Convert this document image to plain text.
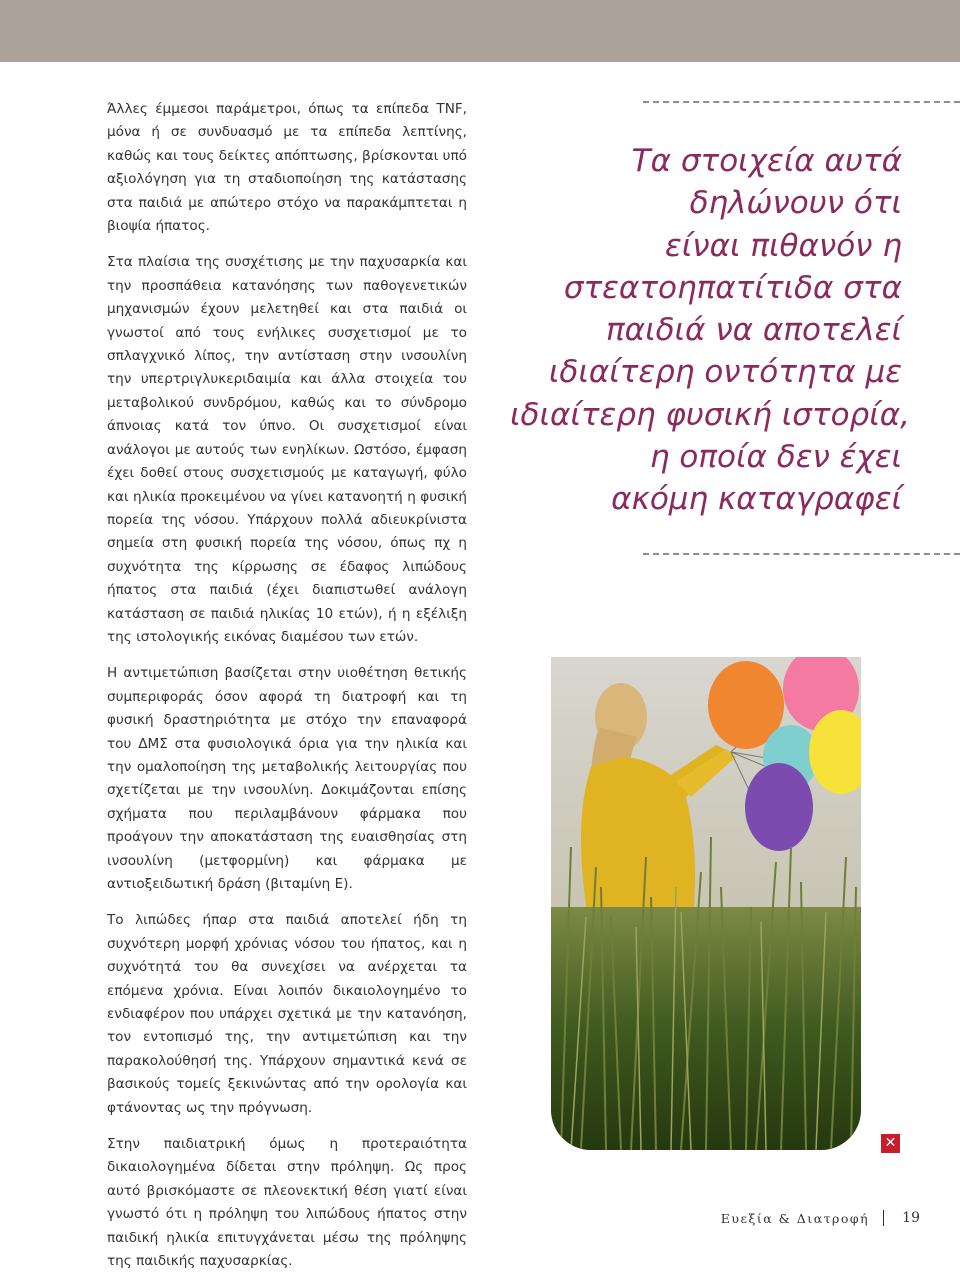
Άλλες έμμεσοι παράμετροι, όπως τα επίπεδα TNF, μόνα ή σε συνδυασμό με τα επίπεδα λεπτίνης, καθώς και τους δείκτες απόπτωσης, βρίσκονται υπό αξιολόγηση για τη σταδιοποίηση της κατάστασης στα παιδιά με απώτερο στόχο να παρακάμπτεται η βιοψία ήπατος.

Στα πλαίσια της συσχέτισης με την παχυσαρκία και την προσπάθεια κατανόησης των παθογενετικών μηχανισμών έχουν μελετηθεί και στα παιδιά οι γνωστοί από τους ενήλικες συσχετισμοί με το σπλαγχνικό λίπος, την αντίσταση στην ινσουλίνη την υπερτριγλυκεριδαιμία και άλλα στοιχεία του μεταβολικού συνδρόμου, καθώς και το σύνδρομο άπνοιας κατά τον ύπνο. Οι συσχετισμοί είναι ανάλογοι με αυτούς των ενηλίκων. Ωστόσο, έμφαση έχει δοθεί στους συσχετισμούς με καταγωγή, φύλο και ηλικία προκειμένου να γίνει κατανοητή η φυσική πορεία της νόσου. Υπάρχουν πολλά αδιευκρίνιστα σημεία στη φυσική πορεία της νόσου, όπως πχ η συχνότητα της κίρρωσης σε έδαφος λιπώδους ήπατος στα παιδιά (έχει διαπιστωθεί ανάλογη κατάσταση σε παιδιά ηλικίας 10 ετών), ή η εξέλιξη της ιστολογικής εικόνας διαμέσου των ετών.

Η αντιμετώπιση βασίζεται στην υιοθέτηση θετικής συμπεριφοράς όσον αφορά τη διατροφή και τη φυσική δραστηριότητα με στόχο την επαναφορά του ΔΜΣ στα φυσιολογικά όρια για την ηλικία και την ομαλοποίηση της μεταβολικής λειτουργίας που σχετίζεται με την ινσουλίνη. Δοκιμάζονται επίσης σχήματα που περιλαμβάνουν φάρμακα που προάγουν την αποκατάσταση της ευαισθησίας στη ινσουλίνη (μετφορμίνη) και φάρμακα με αντιοξειδωτική δράση (βιταμίνη Ε).

Το λιπώδες ήπαρ στα παιδιά αποτελεί ήδη τη συχνότερη μορφή χρόνιας νόσου του ήπατος, και η συχνότητά του θα συνεχίσει να ανέρχεται τα επόμενα χρόνια. Είναι λοιπόν δικαιολογημένο το ενδιαφέρον που υπάρχει σχετικά με την κατανόηση, τον εντοπισμό της, την αντιμετώπιση και την παρακολούθησή της. Υπάρχουν σημαντικά κενά σε βασικούς τομείς ξεκινώντας από την ορολογία και φτάνοντας ως την πρόγνωση.

Στην παιδιατρική όμως η προτεραιότητα δικαιολογημένα δίδεται στην πρόληψη. Ως προς αυτό βρισκόμαστε σε πλεονεκτική θέση γιατί είναι γνωστό ότι η πρόληψη του λιπώδους ήπατος στην παιδική ηλικία επιτυγχάνεται μέσω της πρόληψης της παιδικής παχυσαρκίας.

Τα στοιχεία αυτά
δηλώνουν ότι
είναι πιθανόν η
στεατοηπατίτιδα στα
παιδιά να αποτελεί
ιδιαίτερη οντότητα με
ιδιαίτερη φυσική ιστορία,
η οποία δεν έχει
ακόμη καταγραφεί
✕
Ευεξία & Διατροφή 19
